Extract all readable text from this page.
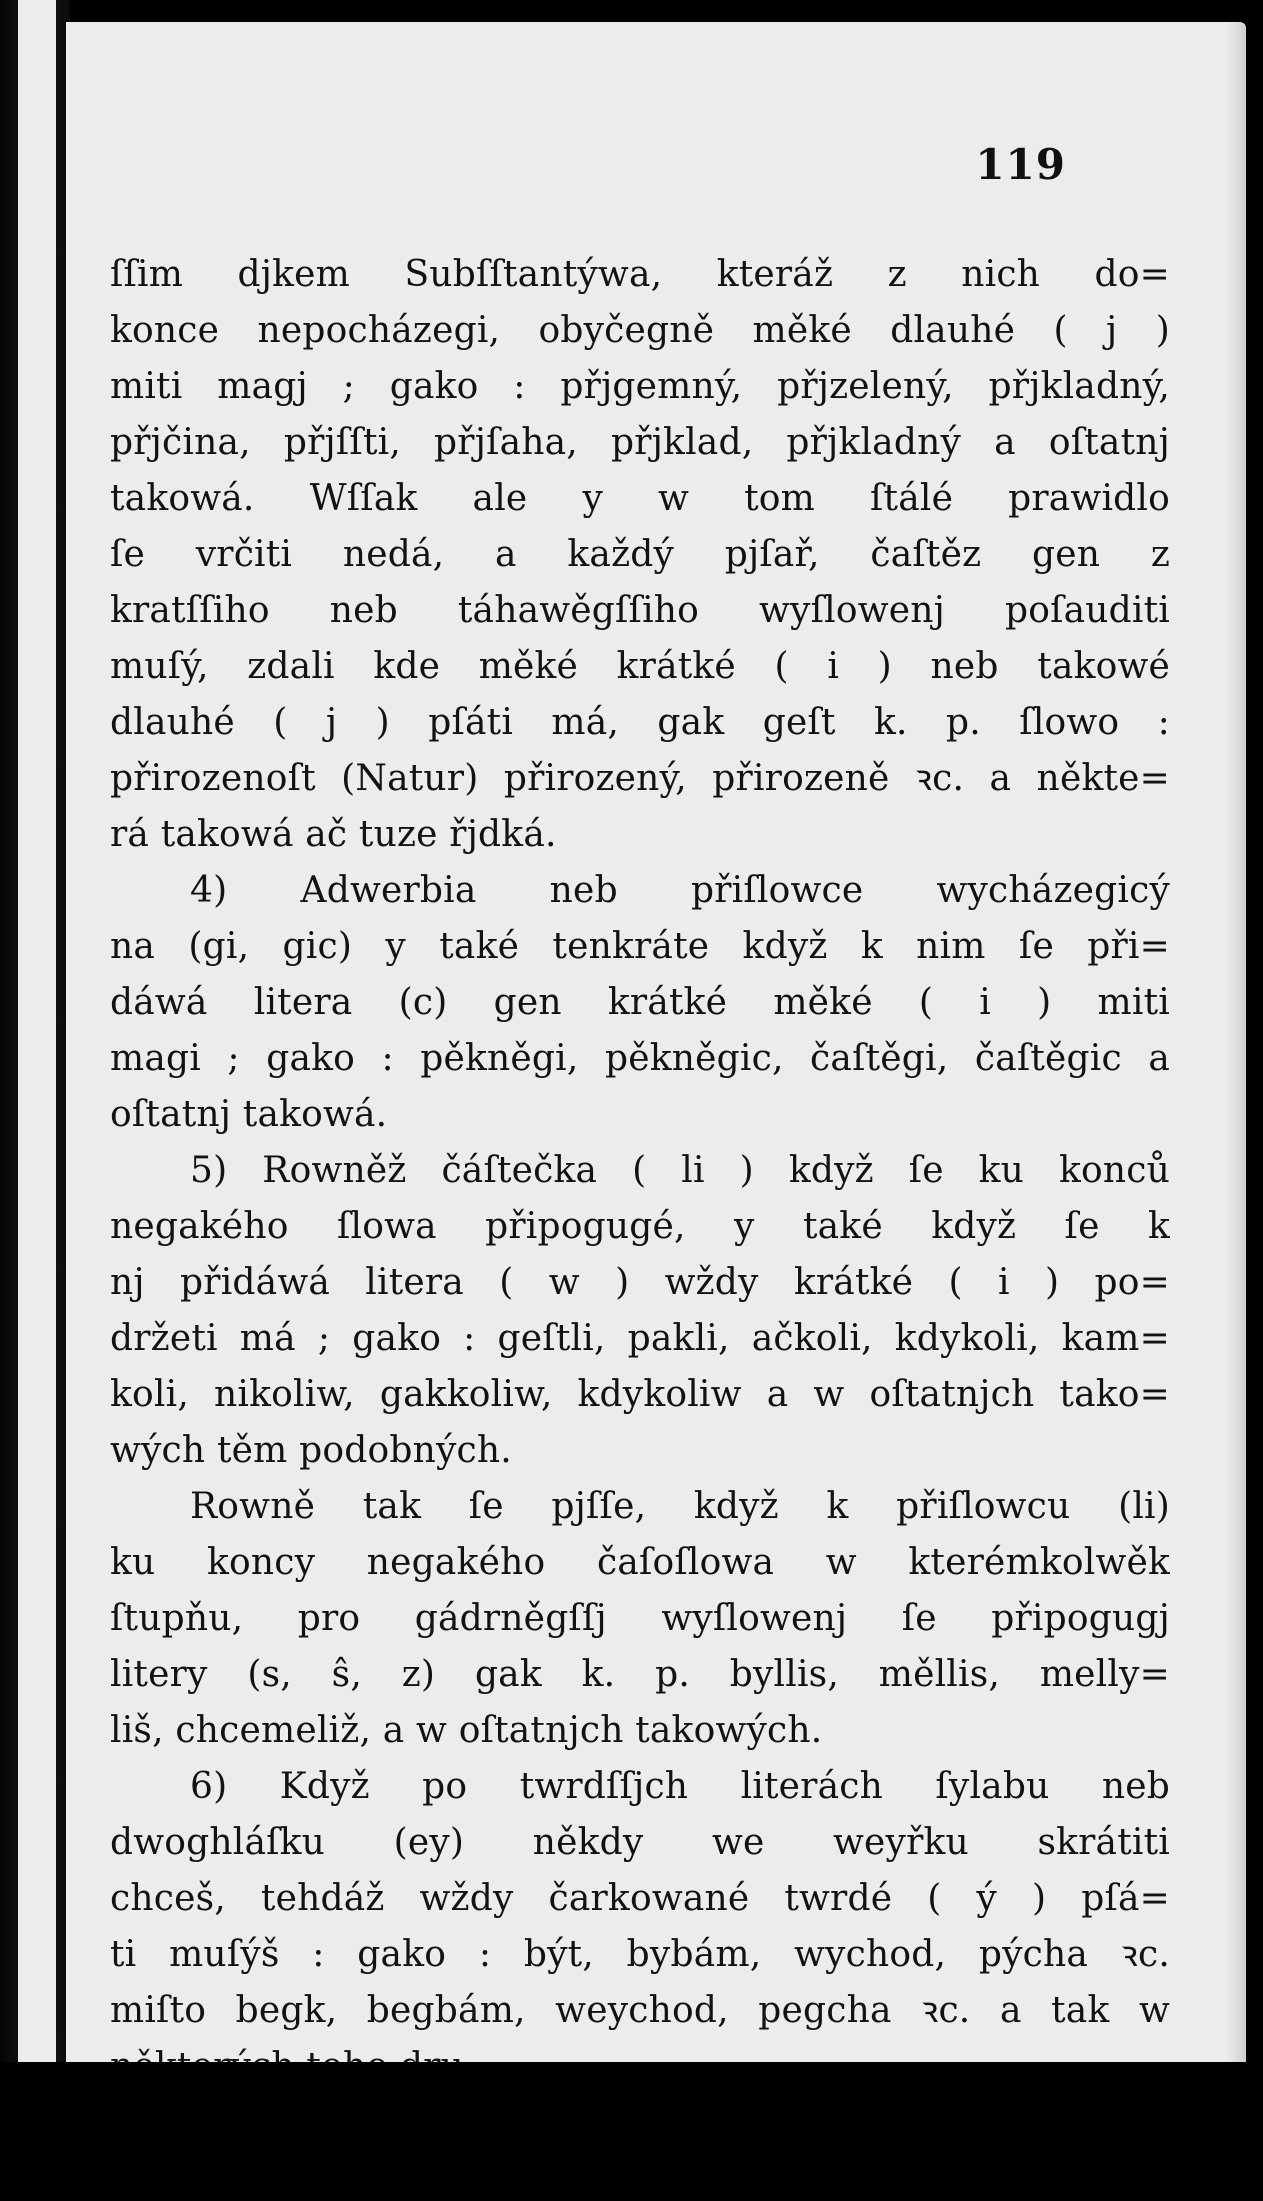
119
ſſim djkem Subſſtantýwa, kteráž z nich do=
konce nepocházegi, obyčegně měké dlauhé ( j )
miti magj ; gako : přjgemný, přjzelený, přjkladný,
přjčina, přjſſti, přjſaha, přjklad, přjkladný a oſtatnj
takowá. Wſſak ale y w tom ſtálé prawidlo
ſe vrčiti nedá, a každý pjſař, čaſtěz gen z
kratſſiho neb táhawěgſſiho wyſlowenj poſauditi
muſý, zdali kde měké krátké ( i ) neb takowé
dlauhé ( j ) pſáti má, gak geſt k. p. ſlowo :
přirozenoſt (Natur) přirozený, přirozeně ꝛc. a někte=
rá takowá ač tuze řjdká.
4) Adwerbia neb přiſlowce wycházegicý
na (gi, gic) y také tenkráte když k nim ſe při=
dáwá litera (c) gen krátké měké ( i ) miti
magi ; gako : pěkněgi, pěkněgic, čaſtěgi, čaſtěgic a
oſtatnj takowá.
5) Rowněž čáſtečka ( li ) když ſe ku konců
negakého ſlowa připogugé, y také když ſe k
nj přidáwá litera ( w ) wždy krátké ( i ) po=
držeti má ; gako : geſtli, pakli, ačkoli, kdykoli, kam=
koli, nikoliw, gakkoliw, kdykoliw a w oſtatnjch tako=
wých těm podobných.
Rowně tak ſe pjſſe, když k přiſlowcu (li)
ku koncy negakého čaſoſlowa w kterémkolwěk
ſtupňu, pro gádrněgſſj wyſlowenj ſe připogugj
litery (s, ŝ, z) gak k. p. byllis, měllis, melly=
liš, chcemeliž, a w oſtatnjch takowých.
6) Když po twrdſſjch literách ſylabu neb
dwoghláſku (ey) někdy we weyřku skrátiti
chceš, tehdáž wždy čarkowané twrdé ( ý ) pſá=
ti muſýš : gako : být, bybám, wychod, pýcha ꝛc.
miſto begk, begbám, weychod, pegcha ꝛc. a tak w
